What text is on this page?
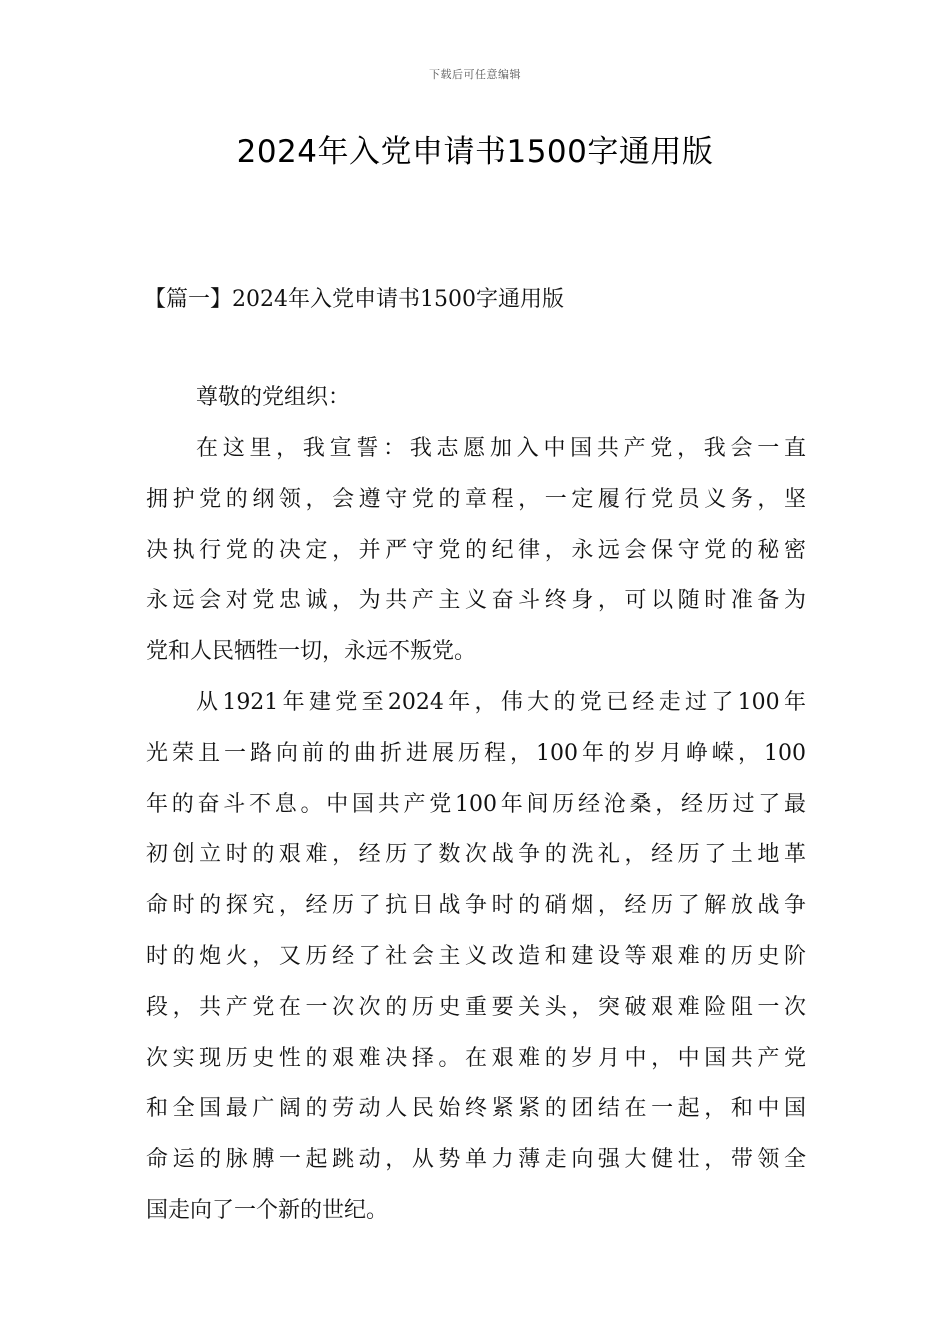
下载后可任意编辑
2024年入党申请书1500字通用版
【篇一】2024年入党申请书1500字通用版
尊敬的党组织：
在这里，我宣誓：我志愿加入中国共产党，我会一直
拥护党的纲领，会遵守党的章程，一定履行党员义务，坚
决执行党的决定，并严守党的纪律，永远会保守党的秘密
永远会对党忠诚，为共产主义奋斗终身，可以随时准备为
党和人民牺牲一切，永远不叛党。
从1921年建党至2024年，伟大的党已经走过了100年
光荣且一路向前的曲折进展历程，100年的岁月峥嵘，100
年的奋斗不息。中国共产党100年间历经沧桑，经历过了最
初创立时的艰难，经历了数次战争的洗礼，经历了土地革
命时的探究，经历了抗日战争时的硝烟，经历了解放战争
时的炮火，又历经了社会主义改造和建设等艰难的历史阶
段，共产党在一次次的历史重要关头，突破艰难险阻一次
次实现历史性的艰难决择。在艰难的岁月中，中国共产党
和全国最广阔的劳动人民始终紧紧的团结在一起，和中国
命运的脉膊一起跳动，从势单力薄走向强大健壮，带领全
国走向了一个新的世纪。
